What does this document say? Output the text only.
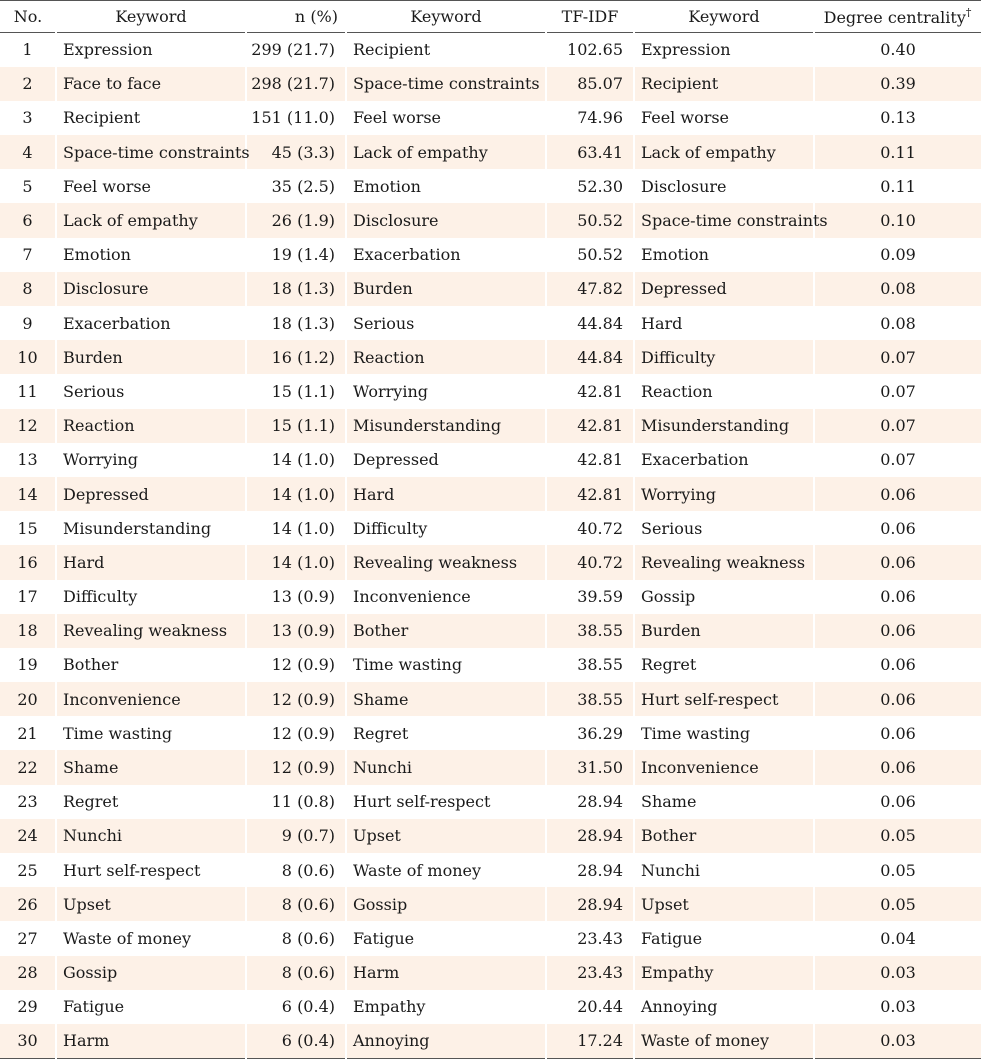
No.	Keyword	n (%)	Keyword	TF-IDF	Keyword	Degree centrality†
1	Expression	299 (21.7)	Recipient	102.65	Expression	0.40
2	Face to face	298 (21.7)	Space-time constraints	85.07	Recipient	0.39
3	Recipient	151 (11.0)	Feel worse	74.96	Feel worse	0.13
4	Space-time constraints	45 (3.3)	Lack of empathy	63.41	Lack of empathy	0.11
5	Feel worse	35 (2.5)	Emotion	52.30	Disclosure	0.11
6	Lack of empathy	26 (1.9)	Disclosure	50.52	Space-time constraints	0.10
7	Emotion	19 (1.4)	Exacerbation	50.52	Emotion	0.09
8	Disclosure	18 (1.3)	Burden	47.82	Depressed	0.08
9	Exacerbation	18 (1.3)	Serious	44.84	Hard	0.08
10	Burden	16 (1.2)	Reaction	44.84	Difficulty	0.07
11	Serious	15 (1.1)	Worrying	42.81	Reaction	0.07
12	Reaction	15 (1.1)	Misunderstanding	42.81	Misunderstanding	0.07
13	Worrying	14 (1.0)	Depressed	42.81	Exacerbation	0.07
14	Depressed	14 (1.0)	Hard	42.81	Worrying	0.06
15	Misunderstanding	14 (1.0)	Difficulty	40.72	Serious	0.06
16	Hard	14 (1.0)	Revealing weakness	40.72	Revealing weakness	0.06
17	Difficulty	13 (0.9)	Inconvenience	39.59	Gossip	0.06
18	Revealing weakness	13 (0.9)	Bother	38.55	Burden	0.06
19	Bother	12 (0.9)	Time wasting	38.55	Regret	0.06
20	Inconvenience	12 (0.9)	Shame	38.55	Hurt self-respect	0.06
21	Time wasting	12 (0.9)	Regret	36.29	Time wasting	0.06
22	Shame	12 (0.9)	Nunchi	31.50	Inconvenience	0.06
23	Regret	11 (0.8)	Hurt self-respect	28.94	Shame	0.06
24	Nunchi	9 (0.7)	Upset	28.94	Bother	0.05
25	Hurt self-respect	8 (0.6)	Waste of money	28.94	Nunchi	0.05
26	Upset	8 (0.6)	Gossip	28.94	Upset	0.05
27	Waste of money	8 (0.6)	Fatigue	23.43	Fatigue	0.04
28	Gossip	8 (0.6)	Harm	23.43	Empathy	0.03
29	Fatigue	6 (0.4)	Empathy	20.44	Annoying	0.03
30	Harm	6 (0.4)	Annoying	17.24	Waste of money	0.03
